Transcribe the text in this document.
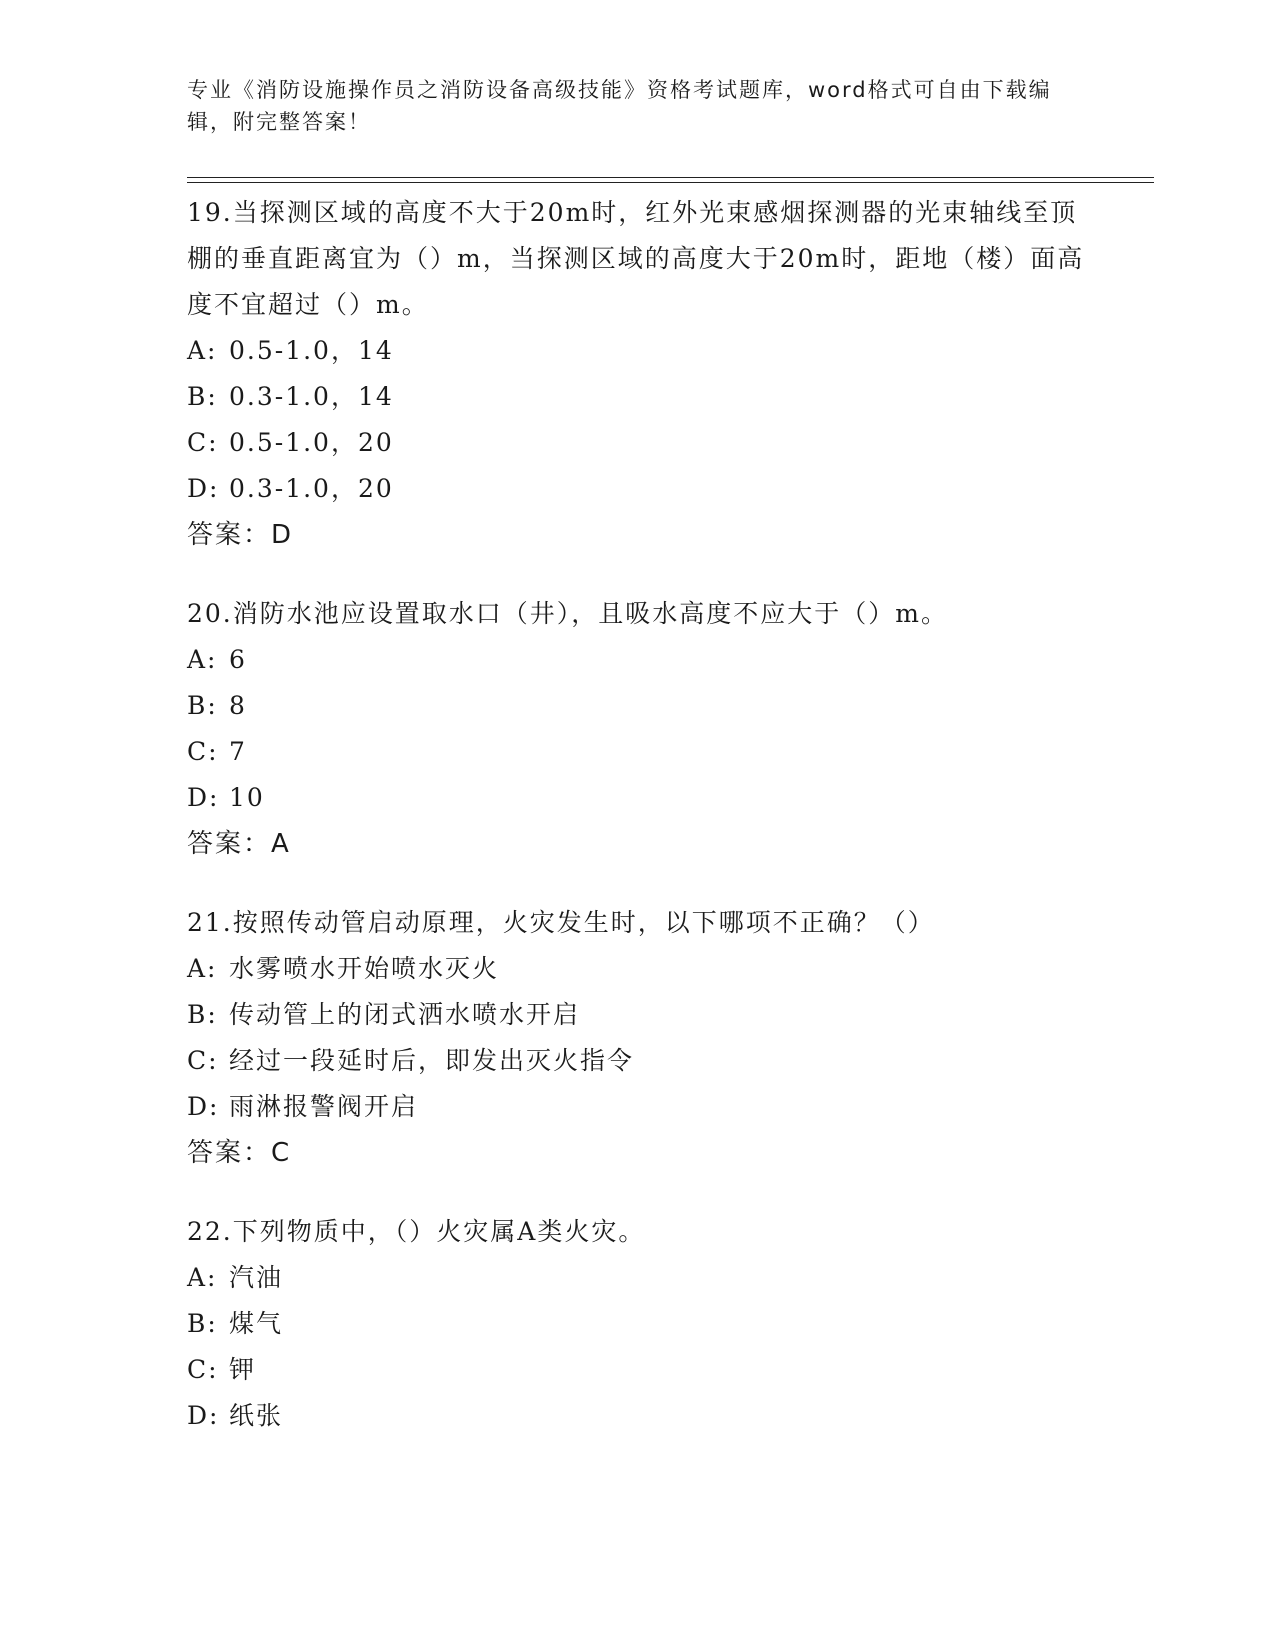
专业《消防设施操作员之消防设备高级技能》资格考试题库，word格式可自由下载编辑，附完整答案！

19.当探测区域的高度不大于20m时，红外光束感烟探测器的光束轴线至顶棚的垂直距离宜为（）m，当探测区域的高度大于20m时，距地（楼）面高度不宜超过（）m。

A: 0.5-1.0，14

B: 0.3-1.0，14

C: 0.5-1.0，20

D: 0.3-1.0，20

答案：D

20.消防水池应设置取水口（井），且吸水高度不应大于（）m。

A: 6

B: 8

C: 7

D: 10

答案：A

21.按照传动管启动原理，火灾发生时，以下哪项不正确？（）

A: 水雾喷水开始喷水灭火

B: 传动管上的闭式洒水喷水开启

C: 经过一段延时后，即发出灭火指令

D: 雨淋报警阀开启

答案：C

22.下列物质中，（）火灾属A类火灾。

A: 汽油

B: 煤气

C: 钾

D: 纸张
